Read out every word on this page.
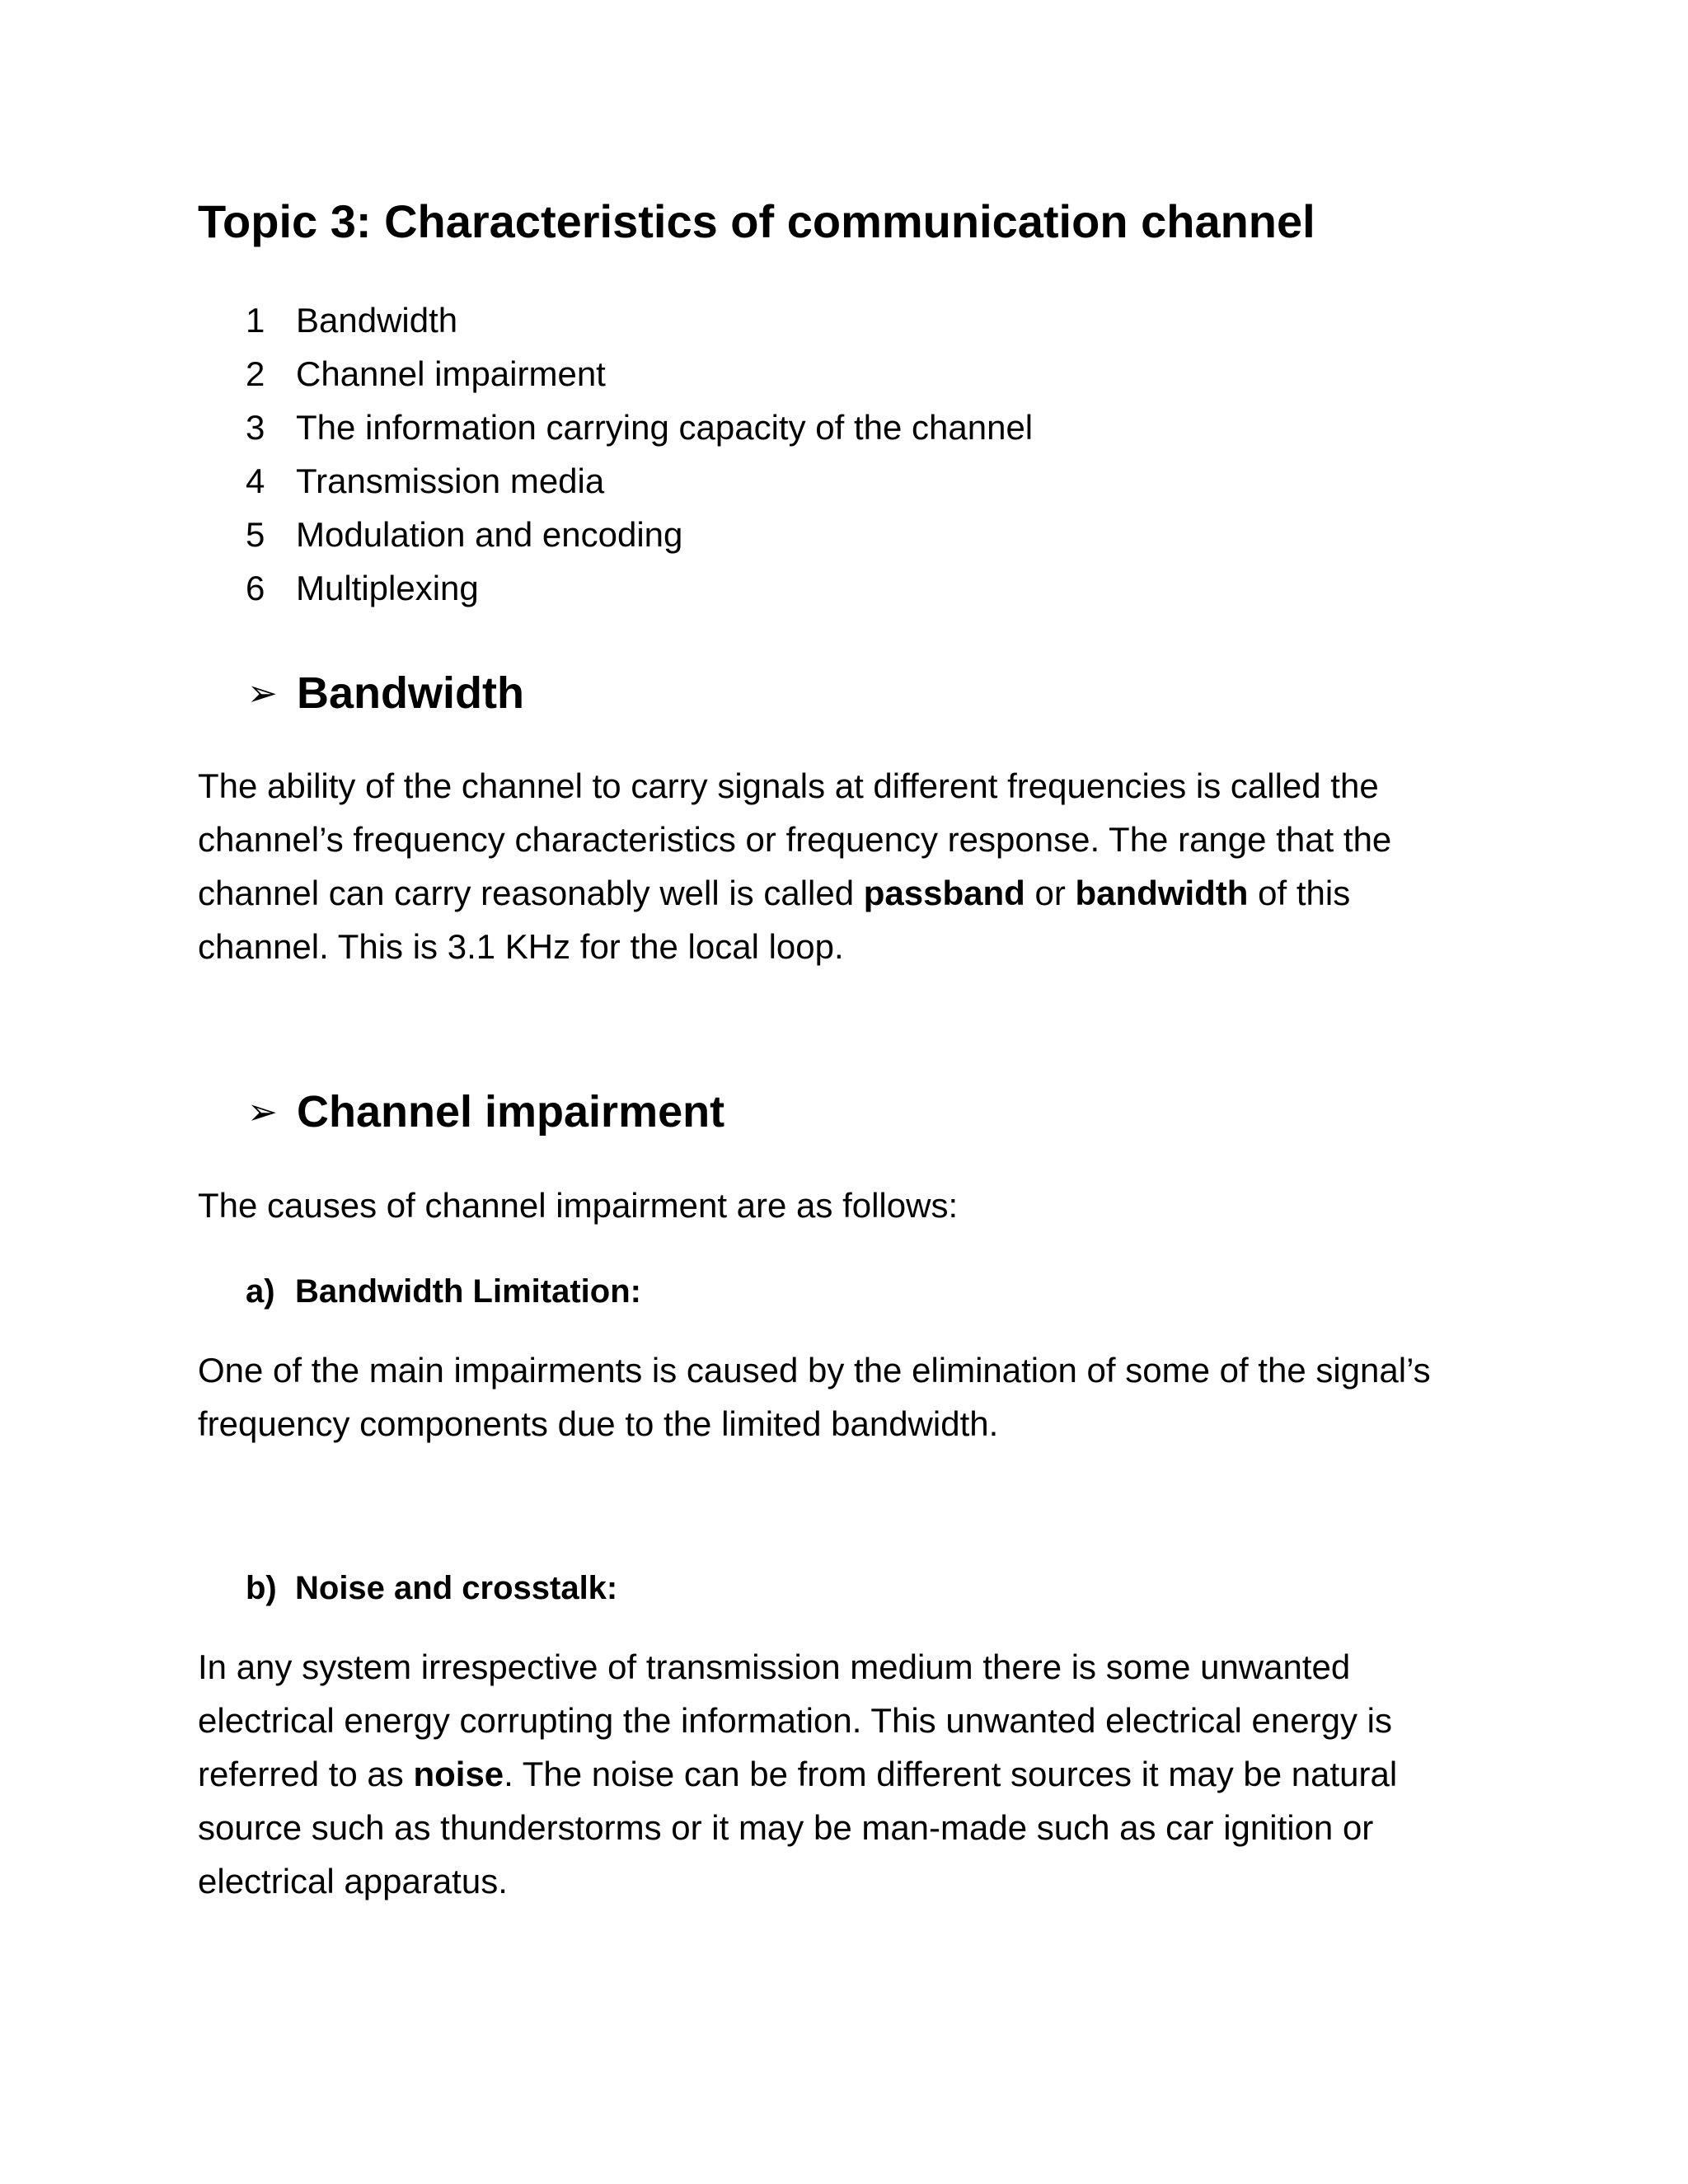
Topic 3: Characteristics of communication channel
1 Bandwidth
2 Channel impairment
3 The information carrying capacity of the channel
4 Transmission media
5 Modulation and encoding
6 Multiplexing
➢ Bandwidth
The ability of the channel to carry signals at different frequencies is called the
channel’s frequency characteristics or frequency response. The range that the
channel can carry reasonably well is called passband or bandwidth of this
channel. This is 3.1 KHz for the local loop.
➢ Channel impairment
The causes of channel impairment are as follows:
a) Bandwidth Limitation:
One of the main impairments is caused by the elimination of some of the signal’s
frequency components due to the limited bandwidth.
b) Noise and crosstalk:
In any system irrespective of transmission medium there is some unwanted
electrical energy corrupting the information. This unwanted electrical energy is
referred to as noise. The noise can be from different sources it may be natural
source such as thunderstorms or it may be man-made such as car ignition or
electrical apparatus.
